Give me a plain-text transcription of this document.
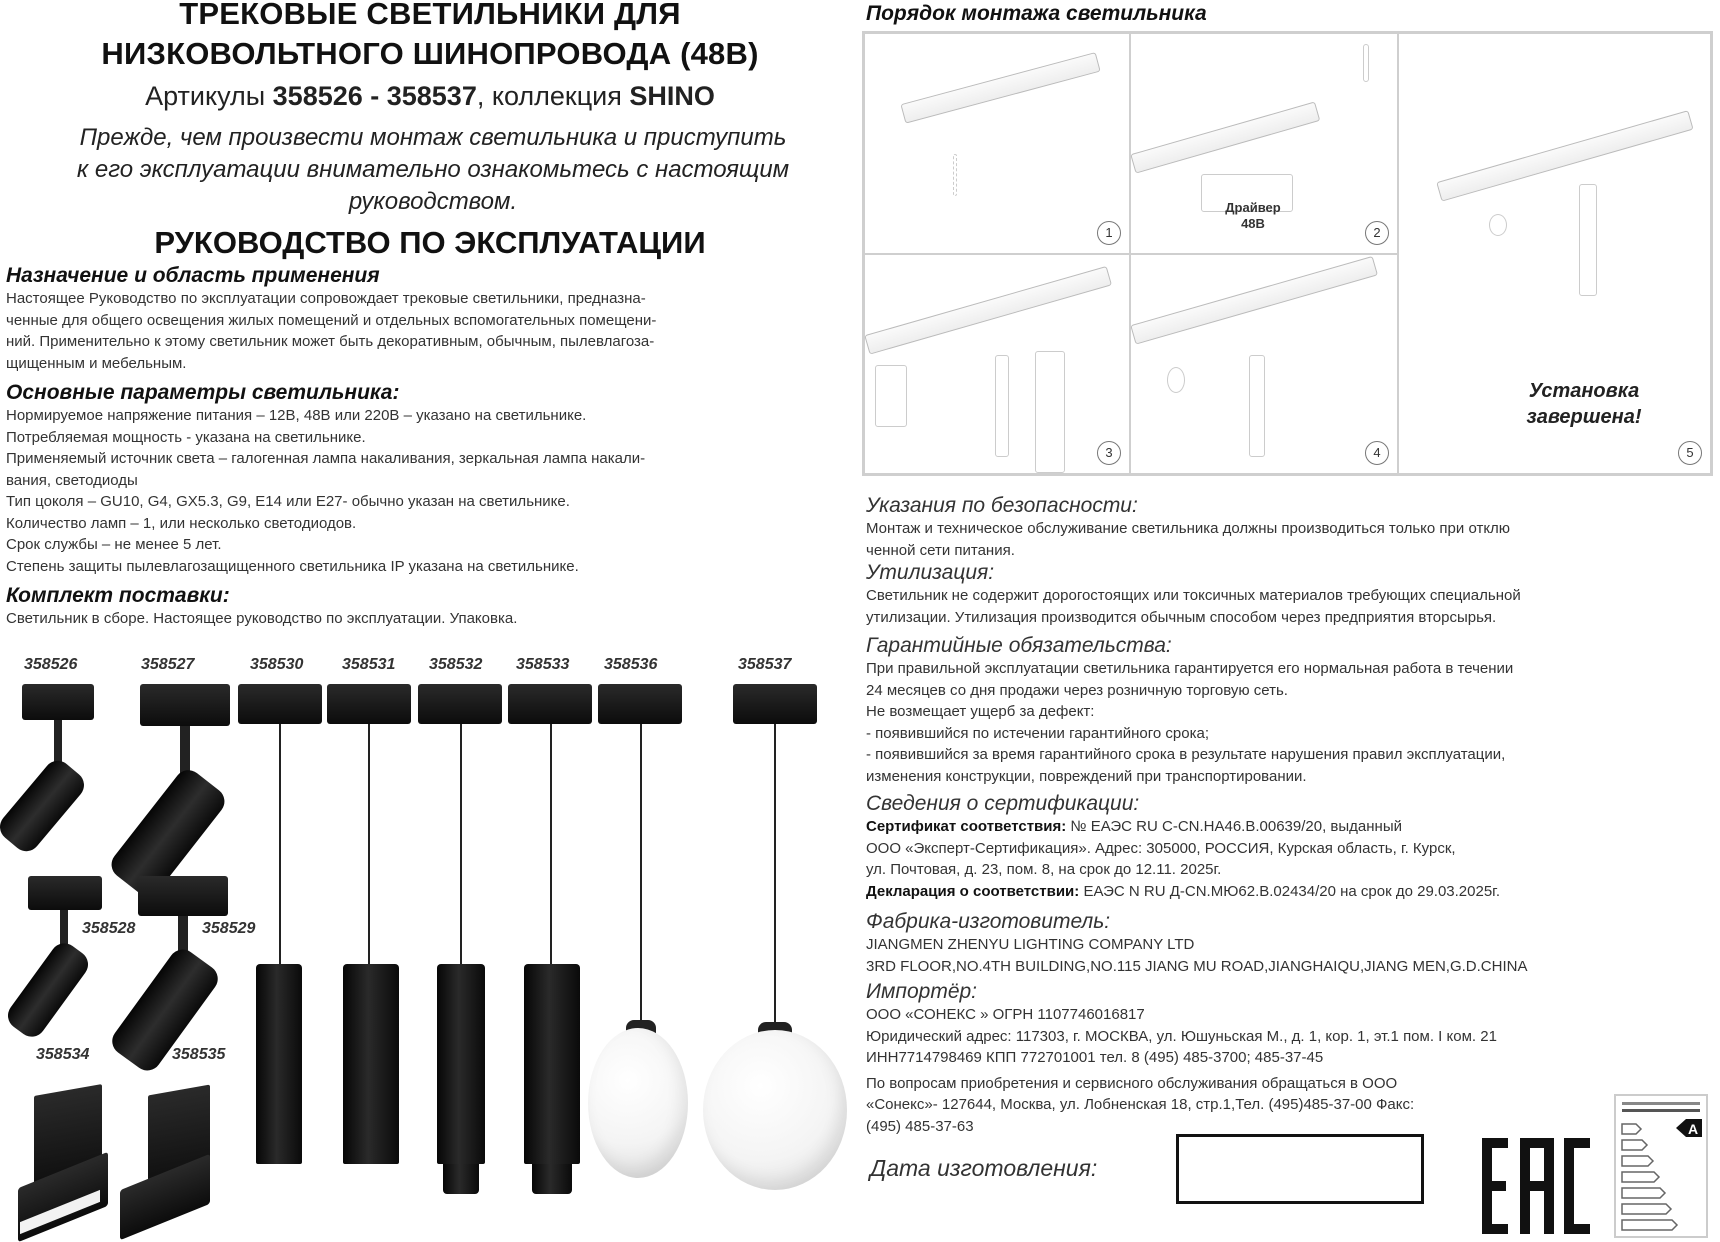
ТРЕКОВЫЕ СВЕТИЛЬНИКИ ДЛЯ
НИЗКОВОЛЬТНОГО ШИНОПРОВОДА (48В)
Артикулы 358526 - 358537, коллекция SHINO
Прежде, чем произвести монтаж светильника и приступить
к его эксплуатации внимательно ознакомьтесь с настоящим
руководством.
РУКОВОДСТВО ПО ЭКСПЛУАТАЦИИ
Назначение и область применения

Настоящее Руководство по эксплуатации сопровождает трековые светильники, предназна-

ченные для общего освещения жилых помещений и отдельных вспомогательных помещени-

ний. Применительно к этому светильник может быть декоративным, обычным, пылевлагоза-

щищенным и мебельным.

Основные параметры светильника:

Нормируемое напряжение питания – 12В, 48В или 220В – указано на светильнике.

Потребляемая мощность - указана на светильнике.

Применяемый источник света – галогенная лампа накаливания, зеркальная лампа накали-

вания, светодиоды

Тип цоколя – GU10, G4, GX5.3, G9, E14 или E27- обычно указан на светильнике.

Количество ламп – 1, или несколько светодиодов.

Срок службы – не менее 5 лет.

Степень защиты пылевлагозащищенного светильника IP указана на светильнике.

Комплект поставки:

Светильник в сборе. Настоящее руководство по эксплуатации. Упаковка.

358526	358527	358530 358531 358532 358533 358536	358537
358528	358529
358534	358535
Порядок монтажа светильника
1
Драйвер
48В
2
Установка
завершена!
5
3	4
Указания по безопасности:

Монтаж и техническое обслуживание светильника должны производиться только при отклю

ченной сети питания.

Утилизация:

Светильник не содержит дорогостоящих или токсичных материалов требующих специальной

утилизации. Утилизация производится обычным способом через предприятия вторсырья.

Гарантийные обязательства:

При правильной эксплуатации светильника гарантируется его нормальная работа в течении

24 месяцев со дня продажи через розничную торговую сеть.

Не возмещает ущерб за дефект:

- появившийся по истечении гарантийного срока;

- появившийся за время гарантийного срока в результате нарушения правил эксплуатации,

изменения конструкции, повреждений при транспортировании.

Сведения о сертификации:

Сертификат соответствия: № ЕАЭС RU C-CN.НА46.В.00639/20, выданный

ООО «Эксперт-Сертификация». Адрес: 305000, РОССИЯ, Курская область, г. Курск,

ул. Почтовая, д. 23, пом. 8, на срок до 12.11. 2025г.

Декларация о соответствии: ЕАЭС N RU Д-CN.МЮ62.В.02434/20 на срок до 29.03.2025г.

Фабрика-изготовитель:

JIANGMEN ZHENYU LIGHTING COMPANY LTD

3RD FLOOR,NO.4TH BUILDING,NO.115 JIANG MU ROAD,JIANGHAIQU,JIANG MEN,G.D.CHINA

Импортёр:

ООО «СОНЕКС » ОГРН 1107746016817

Юридический адрес: 117303, г. МОСКВА, ул. Юшуньская М., д. 1, кор. 1, эт.1 пом. I ком. 21

ИНН7714798469 КПП 772701001 тел. 8 (495) 485-3700; 485-37-45

По вопросам приобретения и сервисного обслуживания обращаться в ООО

«Сонекс»- 127644, Москва, ул. Лобненская 18, стр.1,Тел. (495)485-37-00 Факс:

(495) 485-37-63

Дата изготовления:
A
